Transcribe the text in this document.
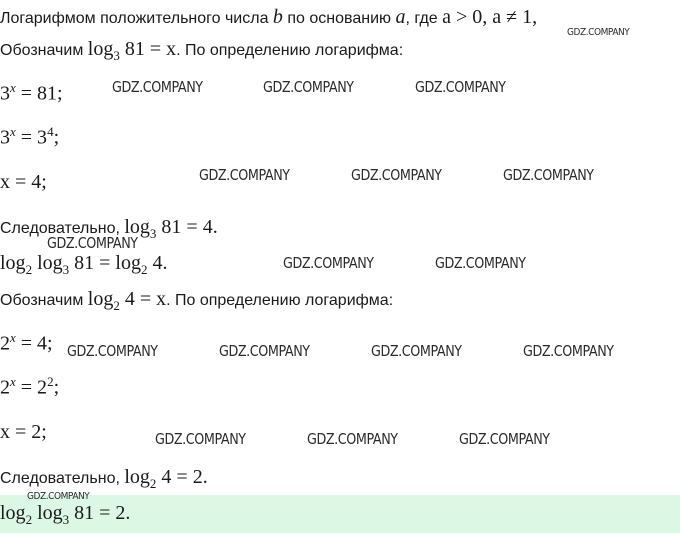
Логарифмом положительного числа b по основанию a, где a > 0, a ≠ 1,
Обозначим $\log_3 81 = x$. По определению логарифма:
$3^x = 81$;
$3^x = 3^4$;
x = 4;
Следовательно, $\log_3 81 = 4$.
$\log_2 \log_3 81 = \log_2 4$.
Обозначим $\log_2 4 = x$. По определению логарифма:
$2^x = 4$;
$2^x = 2^2$;
x = 2;
Следовательно, $\log_2 4 = 2$.
$\log_2 \log_3 81 = 2$.
GDZ.COMPANY
GDZ.COMPANY	GDZ.COMPANY	GDZ.COMPANY
GDZ.COMPANY	GDZ.COMPANY	GDZ.COMPANY
GDZ.COMPANY
GDZ.COMPANY	GDZ.COMPANY
GDZ.COMPANY	GDZ.COMPANY	GDZ.COMPANY	GDZ.COMPANY
GDZ.COMPANY	GDZ.COMPANY	GDZ.COMPANY
GDZ.COMPANY
